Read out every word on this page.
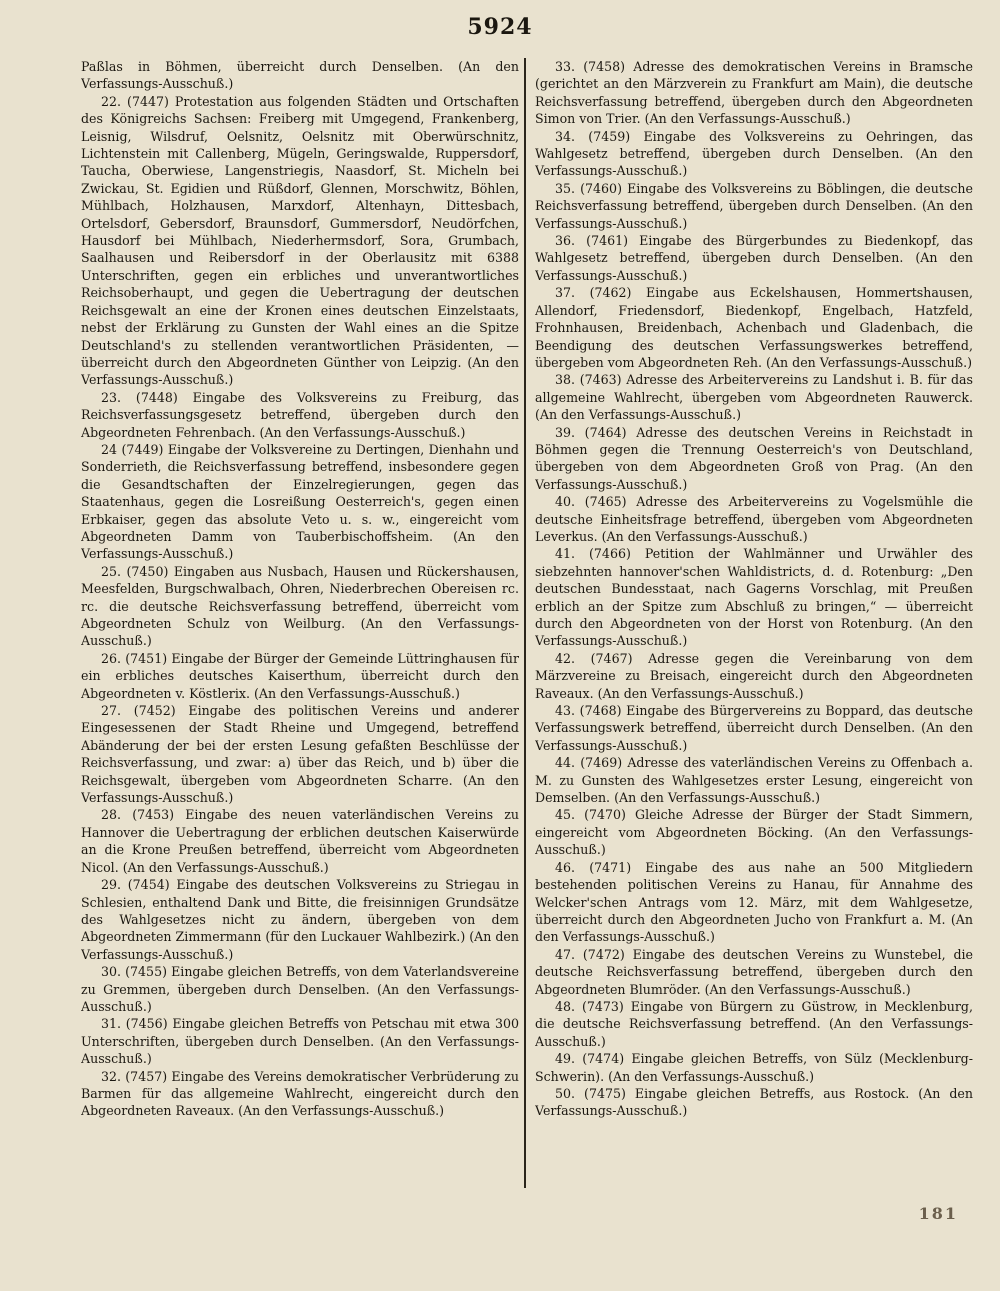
5924

Paßlas in Böhmen, überreicht durch Denselben. (An den Verfassungs-Ausschuß.)

22. (7447) Protestation aus folgenden Städten und Ortschaften des Königreichs Sachsen: Freiberg mit Umgegend, Frankenberg, Leisnig, Wilsdruf, Oelsnitz, Oelsnitz mit Oberwürschnitz, Lichtenstein mit Callenberg, Mügeln, Geringswalde, Ruppersdorf, Taucha, Oberwiese, Langenstriegis, Naasdorf, St. Micheln bei Zwickau, St. Egidien und Rüßdorf, Glennen, Morschwitz, Böhlen, Mühlbach, Holzhausen, Marxdorf, Altenhayn, Dittesbach, Ortelsdorf, Gebersdorf, Braunsdorf, Gummersdorf, Neudörfchen, Hausdorf bei Mühlbach, Niederhermsdorf, Sora, Grumbach, Saalhausen und Reibersdorf in der Oberlausitz mit 6388 Unterschriften, gegen ein erbliches und unverantwortliches Reichsoberhaupt, und gegen die Uebertragung der deutschen Reichsgewalt an eine der Kronen eines deutschen Einzelstaats, nebst der Erklärung zu Gunsten der Wahl eines an die Spitze Deutschland's zu stellenden verantwortlichen Präsidenten, — überreicht durch den Abgeordneten Günther von Leipzig. (An den Verfassungs-Ausschuß.)

23. (7448) Eingabe des Volksvereins zu Freiburg, das Reichsverfassungsgesetz betreffend, übergeben durch den Abgeordneten Fehrenbach. (An den Verfassungs-Ausschuß.)

24 (7449) Eingabe der Volksvereine zu Dertingen, Dienhahn und Sonderrieth, die Reichsverfassung betreffend, insbesondere gegen die Gesandtschaften der Einzelregierungen, gegen das Staatenhaus, gegen die Losreißung Oesterreich's, gegen einen Erbkaiser, gegen das absolute Veto u. s. w., eingereicht vom Abgeordneten Damm von Tauberbischoffsheim. (An den Verfassungs-Ausschuß.)

25. (7450) Eingaben aus Nusbach, Hausen und Rückershausen, Meesfelden, Burgschwalbach, Ohren, Niederbrechen Obereisen rc. rc. die deutsche Reichsverfassung betreffend, überreicht vom Abgeordneten Schulz von Weilburg. (An den Verfassungs-Ausschuß.)

26. (7451) Eingabe der Bürger der Gemeinde Lüttringhausen für ein erbliches deutsches Kaiserthum, überreicht durch den Abgeordneten v. Köstlerix. (An den Verfassungs-Ausschuß.)

27. (7452) Eingabe des politischen Vereins und anderer Eingesessenen der Stadt Rheine und Umgegend, betreffend Abänderung der bei der ersten Lesung gefaßten Beschlüsse der Reichsverfassung, und zwar: a) über das Reich, und b) über die Reichsgewalt, übergeben vom Abgeordneten Scharre. (An den Verfassungs-Ausschuß.)

28. (7453) Eingabe des neuen vaterländischen Vereins zu Hannover die Uebertragung der erblichen deutschen Kaiserwürde an die Krone Preußen betreffend, überreicht vom Abgeordneten Nicol. (An den Verfassungs-Ausschuß.)

29. (7454) Eingabe des deutschen Volksvereins zu Striegau in Schlesien, enthaltend Dank und Bitte, die freisinnigen Grundsätze des Wahlgesetzes nicht zu ändern, übergeben von dem Abgeordneten Zimmermann (für den Luckauer Wahlbezirk.) (An den Verfassungs-Ausschuß.)

30. (7455) Eingabe gleichen Betreffs, von dem Vaterlandsvereine zu Gremmen, übergeben durch Denselben. (An den Verfassungs-Ausschuß.)

31. (7456) Eingabe gleichen Betreffs von Petschau mit etwa 300 Unterschriften, übergeben durch Denselben. (An den Verfassungs-Ausschuß.)

32. (7457) Eingabe des Vereins demokratischer Verbrüderung zu Barmen für das allgemeine Wahlrecht, eingereicht durch den Abgeordneten Raveaux. (An den Verfassungs-Ausschuß.)

33. (7458) Adresse des demokratischen Vereins in Bramsche (gerichtet an den Märzverein zu Frankfurt am Main), die deutsche Reichsverfassung betreffend, übergeben durch den Abgeordneten Simon von Trier. (An den Verfassungs-Ausschuß.)

34. (7459) Eingabe des Volksvereins zu Oehringen, das Wahlgesetz betreffend, übergeben durch Denselben. (An den Verfassungs-Ausschuß.)

35. (7460) Eingabe des Volksvereins zu Böblingen, die deutsche Reichsverfassung betreffend, übergeben durch Denselben. (An den Verfassungs-Ausschuß.)

36. (7461) Eingabe des Bürgerbundes zu Biedenkopf, das Wahlgesetz betreffend, übergeben durch Denselben. (An den Verfassungs-Ausschuß.)

37. (7462) Eingabe aus Eckelshausen, Hommertshausen, Allendorf, Friedensdorf, Biedenkopf, Engelbach, Hatzfeld, Frohnhausen, Breidenbach, Achenbach und Gladenbach, die Beendigung des deutschen Verfassungswerkes betreffend, übergeben vom Abgeordneten Reh. (An den Verfassungs-Ausschuß.)

38. (7463) Adresse des Arbeitervereins zu Landshut i. B. für das allgemeine Wahlrecht, übergeben vom Abgeordneten Rauwerck. (An den Verfassungs-Ausschuß.)

39. (7464) Adresse des deutschen Vereins in Reichstadt in Böhmen gegen die Trennung Oesterreich's von Deutschland, übergeben von dem Abgeordneten Groß von Prag. (An den Verfassungs-Ausschuß.)

40. (7465) Adresse des Arbeitervereins zu Vogelsmühle die deutsche Einheitsfrage betreffend, übergeben vom Abgeordneten Leverkus. (An den Verfassungs-Ausschuß.)

41. (7466) Petition der Wahlmänner und Urwähler des siebzehnten hannover'schen Wahldistricts, d. d. Rotenburg: „Den deutschen Bundesstaat, nach Gagerns Vorschlag, mit Preußen erblich an der Spitze zum Abschluß zu bringen,“ — überreicht durch den Abgeordneten von der Horst von Rotenburg. (An den Verfassungs-Ausschuß.)

42. (7467) Adresse gegen die Vereinbarung von dem Märzvereine zu Breisach, eingereicht durch den Abgeordneten Raveaux. (An den Verfassungs-Ausschuß.)

43. (7468) Eingabe des Bürgervereins zu Boppard, das deutsche Verfassungswerk betreffend, überreicht durch Denselben. (An den Verfassungs-Ausschuß.)

44. (7469) Adresse des vaterländischen Vereins zu Offenbach a. M. zu Gunsten des Wahlgesetzes erster Lesung, eingereicht von Demselben. (An den Verfassungs-Ausschuß.)

45. (7470) Gleiche Adresse der Bürger der Stadt Simmern, eingereicht vom Abgeordneten Böcking. (An den Verfassungs-Ausschuß.)

46. (7471) Eingabe des aus nahe an 500 Mitgliedern bestehenden politischen Vereins zu Hanau, für Annahme des Welcker'schen Antrags vom 12. März, mit dem Wahlgesetze, überreicht durch den Abgeordneten Jucho von Frankfurt a. M. (An den Verfassungs-Ausschuß.)

47. (7472) Eingabe des deutschen Vereins zu Wunstebel, die deutsche Reichsverfassung betreffend, übergeben durch den Abgeordneten Blumröder. (An den Verfassungs-Ausschuß.)

48. (7473) Eingabe von Bürgern zu Güstrow, in Mecklenburg, die deutsche Reichsverfassung betreffend. (An den Verfassungs-Ausschuß.)

49. (7474) Eingabe gleichen Betreffs, von Sülz (Mecklenburg-Schwerin). (An den Verfassungs-Ausschuß.)

50. (7475) Eingabe gleichen Betreffs, aus Rostock. (An den Verfassungs-Ausschuß.)

181
